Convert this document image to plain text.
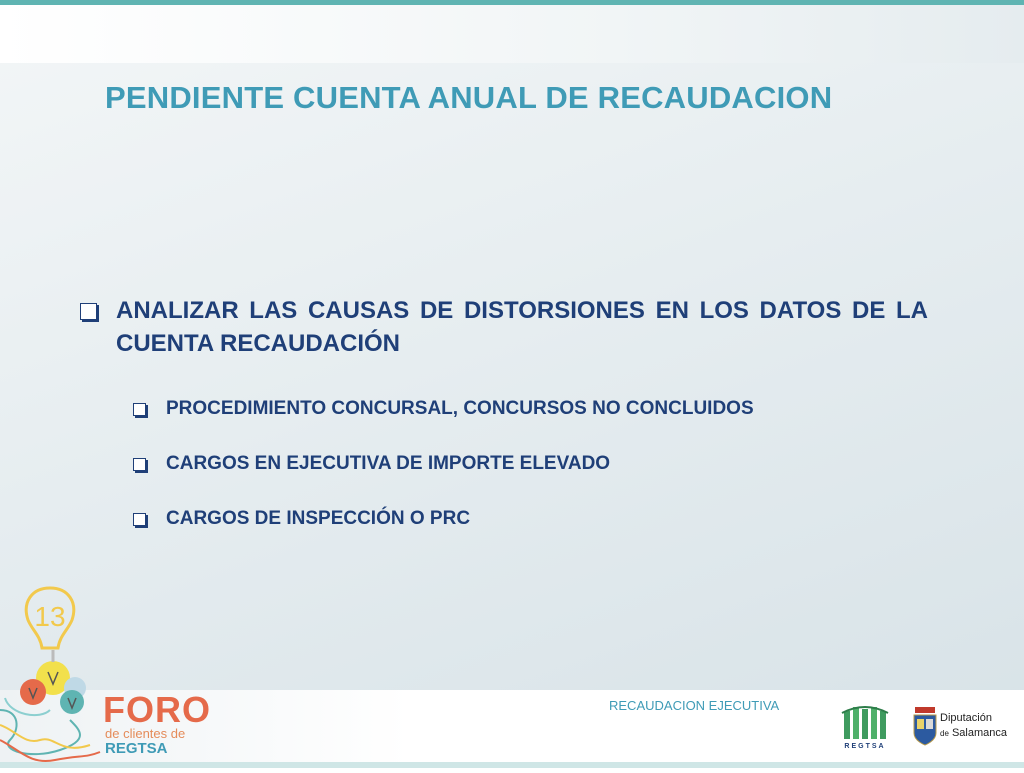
PENDIENTE CUENTA ANUAL DE RECAUDACION
ANALIZAR LAS CAUSAS DE DISTORSIONES EN LOS DATOS DE LA CUENTA RECAUDACIÓN
PROCEDIMIENTO CONCURSAL, CONCURSOS NO CONCLUIDOS
CARGOS EN EJECUTIVA DE IMPORTE ELEVADO
CARGOS DE INSPECCIÓN O PRC
13
FORO
de clientes de
REGTSA
RECAUDACION EJECUTIVA
REGTSA
Diputación
de Salamanca
